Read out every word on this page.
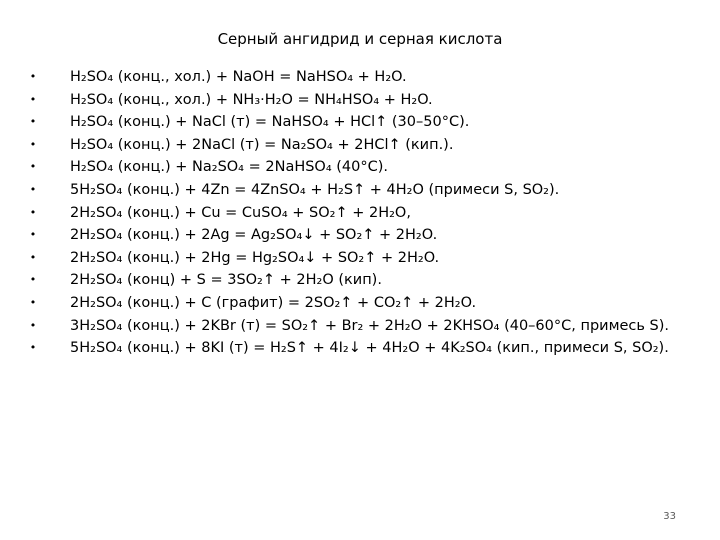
Серный ангидрид и серная кислота
• H₂SO₄ (конц., хол.) + NaOH = NaHSO₄ + H₂O.
• H₂SO₄ (конц., хол.) + NH₃·H₂O = NH₄HSO₄ + H₂O.
• H₂SO₄ (конц.) + NaCl (т) = NaHSO₄ + HCl↑ (30–50°C).
• H₂SO₄ (конц.) + 2NaCl (т) = Na₂SO₄ + 2HCl↑ (кип.).
• H₂SO₄ (конц.) + Na₂SO₄ = 2NaHSO₄ (40°C).
• 5H₂SO₄ (конц.) + 4Zn = 4ZnSO₄ + H₂S↑ + 4H₂O (примеси S, SO₂).
• 2H₂SO₄ (конц.) + Cu = CuSO₄ + SO₂↑ + 2H₂O,
• 2H₂SO₄ (конц.) + 2Ag = Ag₂SO₄↓ + SO₂↑ + 2H₂O.
• 2H₂SO₄ (конц.) + 2Hg = Hg₂SO₄↓ + SO₂↑ + 2H₂O.
• 2H₂SO₄ (конц) + S = 3SO₂↑ + 2H₂O (кип).
• 2H₂SO₄ (конц.) + C (графит) = 2SO₂↑ + CO₂↑ + 2H₂O.
• 3H₂SO₄ (конц.) + 2KBr (т) = SO₂↑ + Br₂ + 2H₂O + 2KHSO₄ (40–60°C, примесь S).
• 5H₂SO₄ (конц.) + 8KI (т) = H₂S↑ + 4I₂↓ + 4H₂O + 4K₂SO₄ (кип., примеси S, SO₂).
33
